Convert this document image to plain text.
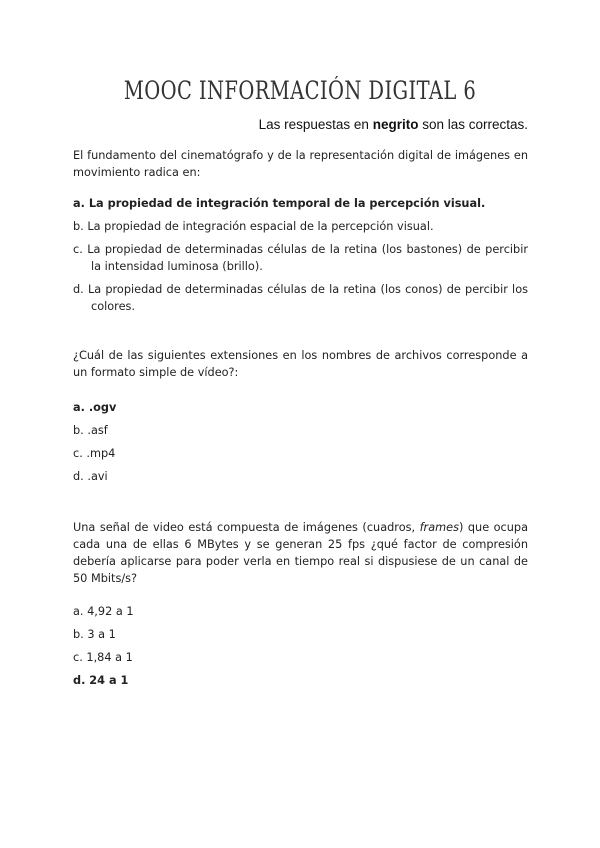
MOOC INFORMACIÓN DIGITAL 6
Las respuestas en negrito son las correctas.

El fundamento del cinematógrafo y de la representación digital de imágenes en movimiento radica en:

a. La propiedad de integración temporal de la percepción visual.

b. La propiedad de integración espacial de la percepción visual.

c. La propiedad de determinadas células de la retina (los bastones) de percibir la intensidad luminosa (brillo).

d. La propiedad de determinadas células de la retina (los conos) de percibir los colores.

¿Cuál de las siguientes extensiones en los nombres de archivos corresponde a un formato simple de vídeo?:

a. .ogv

b. .asf

c. .mp4

d. .avi

Una señal de video está compuesta de imágenes (cuadros, frames) que ocupa cada una de ellas 6 MBytes y se generan 25 fps ¿qué factor de compresión debería aplicarse para poder verla en tiempo real si dispusiese de un canal de 50 Mbits/s?

a. 4,92 a 1

b. 3 a 1

c. 1,84 a 1

d. 24 a 1
